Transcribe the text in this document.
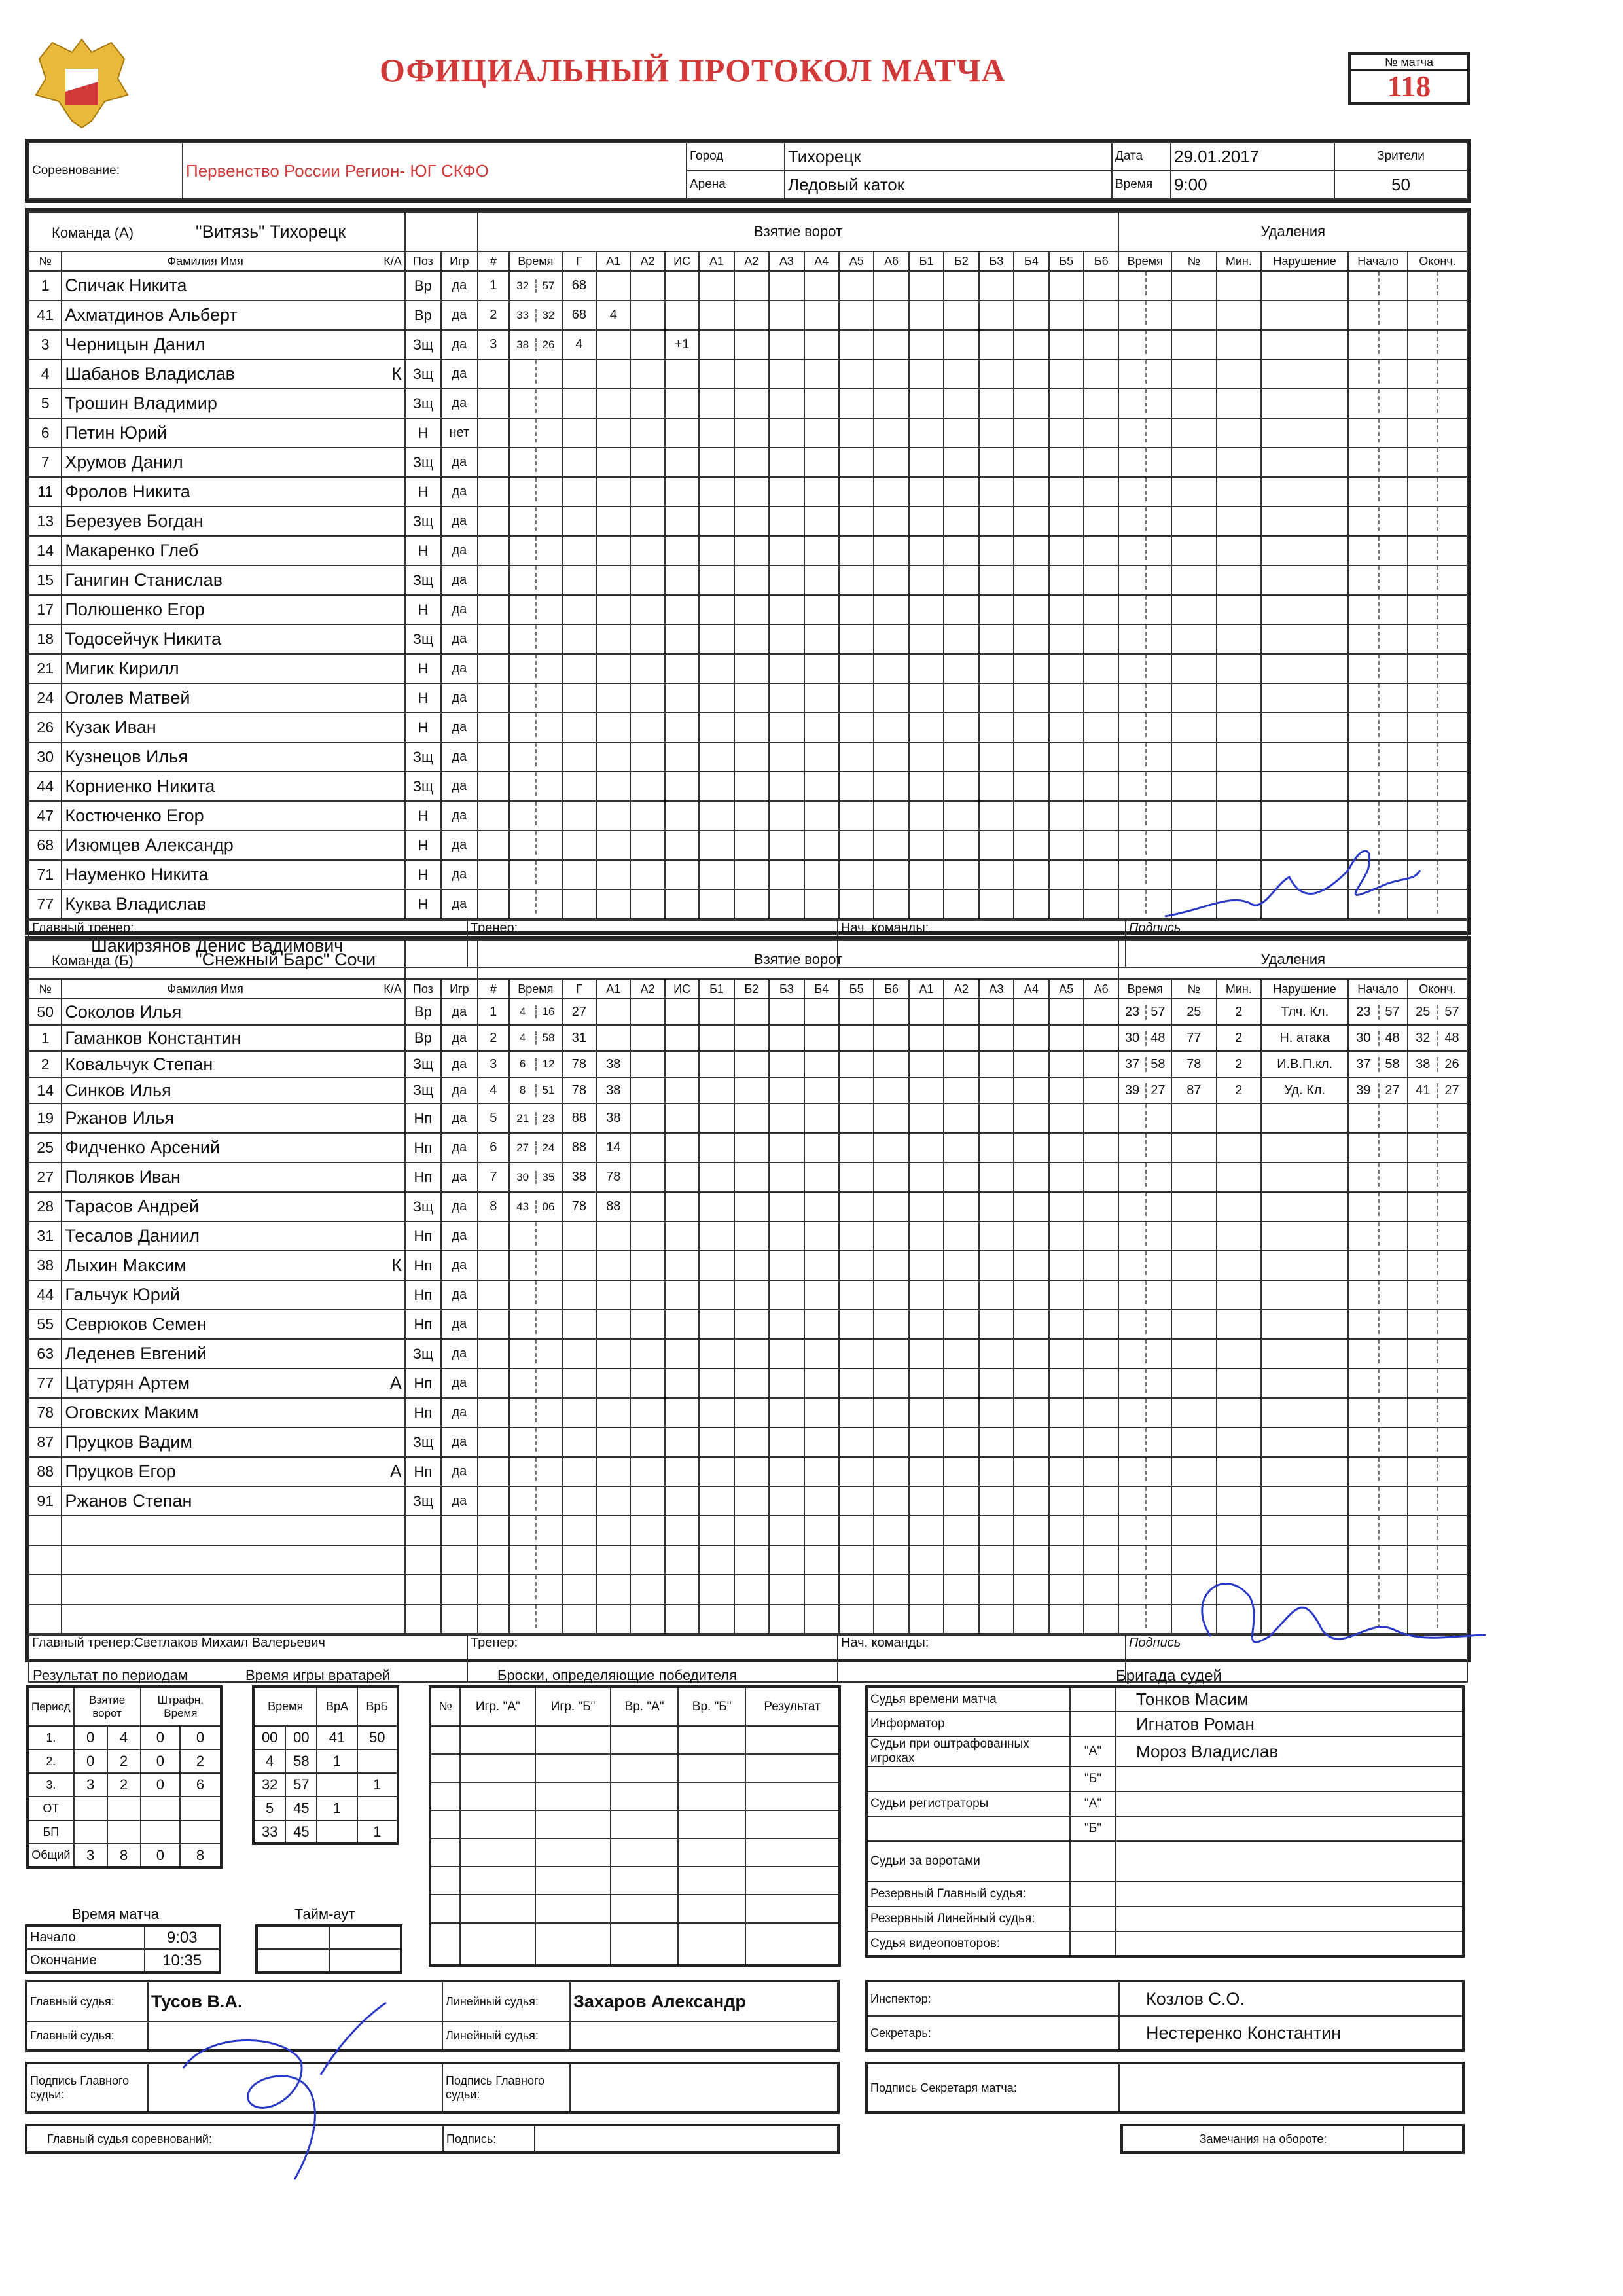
ОФИЦИАЛЬНЫЙ ПРОТОКОЛ МАТЧА	№ матча
118
Соревнование:	Первенство России Регион- ЮГ СКФО	Город	Тихорецк	Дата	29.01.2017	Зрители
		Арена	Ледовый каток	Время	9:00	50
Команда (А) "Витязь" Тихорецк				Взятие ворот																		Удаления					
№	Фамилия Имя К/А	Поз	Игр	#	Время	Г	А1	А2	ИС	А1	А2	А3	А4	А5	А6	Б1	Б2	Б3	Б4	Б5	Б6	Время	№	Мин.	Нарушение	Начало	Оконч.
1	Спичак Никита	Вр	да	1	32 57	68																					
41	Ахматдинов Альберт	Вр	да	2	33 32	68	4																				
3	Черницын Данил	Зщ	да	3	38 26	4			+1																		
4	Шабанов Владислав К	Зщ	да																								
5	Трошин Владимир	Зщ	да																								
6	Петин Юрий	Н	нет																								
7	Хрумов Данил	Зщ	да																								
11	Фролов Никита	Н	да																								
13	Березуев Богдан	Зщ	да																								
14	Макаренко Глеб	Н	да																								
15	Ганигин Станислав	Зщ	да																								
17	Полюшенко Егор	Н	да																								
18	Тодосейчук Никита	Зщ	да																								
21	Мигик Кирилл	Н	да																								
24	Оголев Матвей	Н	да																								
26	Кузак Иван	Н	да																								
30	Кузнецов Илья	Зщ	да																								
44	Корниенко Никита	Зщ	да																								
47	Костюченко Егор	Н	да																								
68	Изюмцев Александр	Н	да																								
71	Науменко Никита	Н	да																								
77	Куква Владислав	Н	да																								
Главный тренер:
Шакирзянов Денис Вадимович
	Тренер:	Нач. команды:	Подпись
Команда (Б) "Снежный Барс" Сочи				Взятие ворот																		Удаления					
№	Фамилия Имя К/А	Поз	Игр	#	Время	Г	А1	А2	ИС	Б1	Б2	Б3	Б4	Б5	Б6	А1	А2	А3	А4	А5	А6	Время	№	Мин.	Нарушение	Начало	Оконч.
50	Соколов Илья	Вр	да	1	4 16	27																23 57	25	2	Тлч. Кл.	23 57	25 57
1	Гаманков Константин	Вр	да	2	4 58	31																30 48	77	2	Н. атака	30 48	32 48
2	Ковальчук Степан	Зщ	да	3	6 12	78	38															37 58	78	2	И.В.П.кл.	37 58	38 26
14	Синков Илья	Зщ	да	4	8 51	78	38															39 27	87	2	Уд. Кл.	39 27	41 27
19	Ржанов Илья	Нп	да	5	21 23	88	38																				
25	Фидченко Арсений	Нп	да	6	27 24	88	14																				
27	Поляков Иван	Нп	да	7	30 35	38	78																				
28	Тарасов Андрей	Зщ	да	8	43 06	78	88																				
31	Тесалов Даниил	Нп	да																								
38	Лыхин Максим К	Нп	да																								
44	Гальчук Юрий	Нп	да																								
55	Севрюков Семен	Нп	да																								
63	Леденев Евгений	Зщ	да																								
77	Цатурян Артем А	Нп	да																								
78	Оговских Маким	Нп	да																								
87	Пруцков Вадим	Зщ	да																								
88	Пруцков Егор А	Нп	да																								
91	Ржанов Степан	Зщ	да																								

Главный тренер:Светлаков Михаил Валерьевич	Тренер:	Нач. команды:	Подпись
Результат по периодам
Период	Взятие ворот		Штрафн. Время	
1.	0	4	0	0
2.	0	2	0	2
3.	3	2	0	6
ОТ				
БП				
Общий	3	8	0	8
Время игры вратарей
Время		ВрА	ВрБ
00	00	41	50
4	58	1	
32	57		1
5	45	1	
33	45		1
Броски, определяющие победителя
№	Игр. "А"	Игр. "Б"	Вр. "А"	Вр. "Б"	Результат

Время матча
Начало	9:03
Окончание	10:35
Тайм-аут

Бригада судей
Судья времени матча		Тонков Масим
Информатор		Игнатов Роман
Судьи при оштрафованных игроках	"А"	Мороз Владислав
	"Б"	
Судьи регистраторы	"А"	
	"Б"	
Судьи за воротами		
Резервный Главный судья:		
Резервный Линейный судья:		
Судья видеоповторов:		
Главный судья:	Тусов В.А.	Линейный судья:	Захаров Александр
Главный судья:		Линейный судья:	
Подпись Главного судьи:		Подпись Главного судьи:	
Главный судья соревнований:	Подпись:	
Инспектор:	Козлов С.О.
Секретарь:	Нестеренко Константин
Подпись Секретаря матча:	
Замечания на обороте:	
